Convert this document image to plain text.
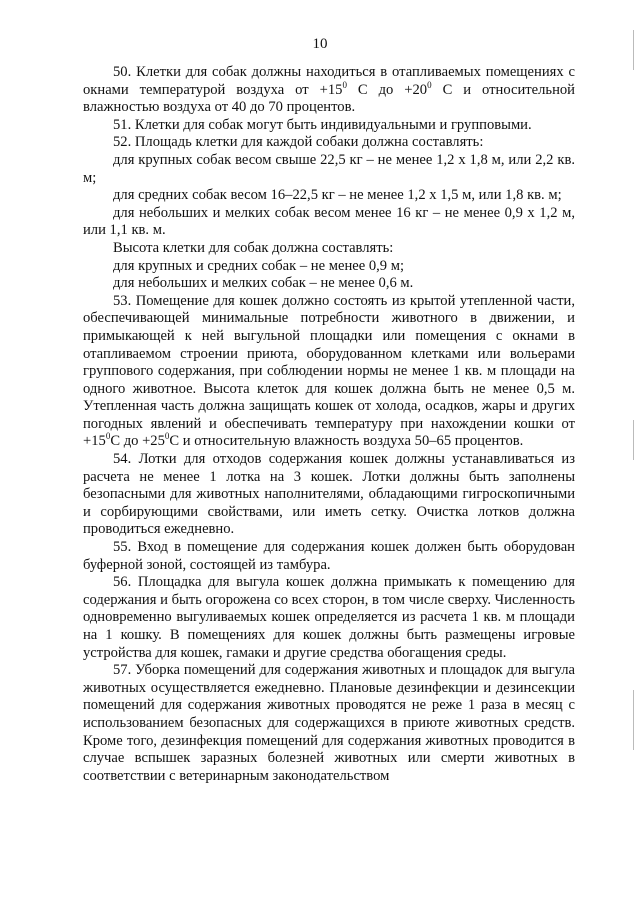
10

50. Клетки для собак должны находиться в отапливаемых помещениях с окнами температурой воздуха от $+15^0$ С до $+20^0$ С и относительной влажностью воздуха от 40 до 70 процентов.

51. Клетки для собак могут быть индивидуальными и групповыми.

52. Площадь клетки для каждой собаки должна составлять:

для крупных собак весом свыше 22,5 кг – не менее 1,2 х 1,8 м, или 2,2 кв. м;

для средних собак весом 16–22,5 кг – не менее 1,2 х 1,5 м, или 1,8 кв. м;

для небольших и мелких собак весом менее 16 кг – не менее 0,9 х 1,2 м, или 1,1 кв. м.

Высота клетки для собак должна составлять:

для крупных и средних собак – не менее 0,9 м;

для небольших и мелких собак – не менее 0,6 м.

53. Помещение для кошек должно состоять из крытой утепленной части, обеспечивающей минимальные потребности животного в движении, и примыкающей к ней выгульной площадки или помещения с окнами в отапливаемом строении приюта, оборудованном клетками или вольерами группового содержания, при соблюдении нормы не менее 1 кв. м площади на одного животное. Высота клеток для кошек должна быть не менее 0,5 м. Утепленная часть должна защищать кошек от холода, осадков, жары и других погодных явлений и обеспечивать температуру при нахождении кошки от $+15^0С$ до $+25^0С$ и относительную влажность воздуха 50–65 процентов.

54. Лотки для отходов содержания кошек должны устанавливаться из расчета не менее 1 лотка на 3 кошек. Лотки должны быть заполнены безопасными для животных наполнителями, обладающими гигроскопичными и сорбирующими свойствами, или иметь сетку. Очистка лотков должна проводиться ежедневно.

55. Вход в помещение для содержания кошек должен быть оборудован буферной зоной, состоящей из тамбура.

56. Площадка для выгула кошек должна примыкать к помещению для содержания и быть огорожена со всех сторон, в том числе сверху. Численность одновременно выгуливаемых кошек определяется из расчета 1 кв. м площади на 1 кошку. В помещениях для кошек должны быть размещены игровые устройства для кошек, гамаки и другие средства обогащения среды.

57. Уборка помещений для содержания животных и площадок для выгула животных осуществляется ежедневно. Плановые дезинфекции и дезинсекции помещений для содержания животных проводятся не реже 1 раза в месяц с использованием безопасных для содержащихся в приюте животных средств. Кроме того, дезинфекция помещений для содержания животных проводится в случае вспышек заразных болезней животных или смерти животных в соответствии с ветеринарным законодательством
